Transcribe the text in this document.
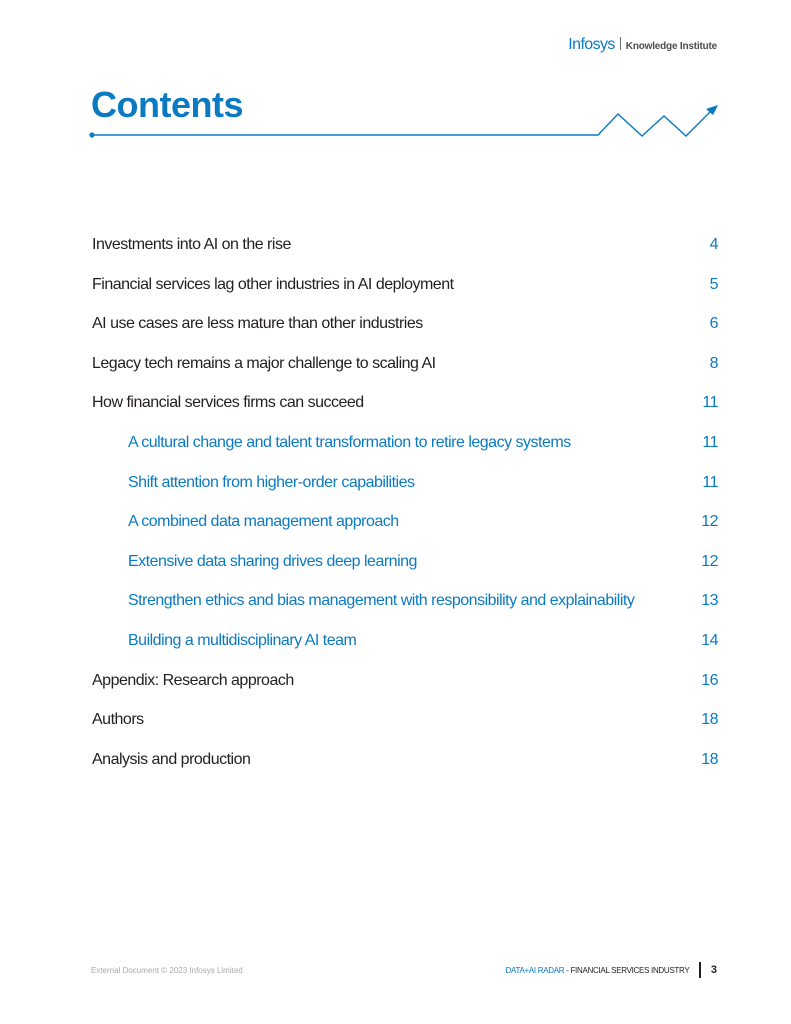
Infosys Knowledge Institute
Contents
Investments into AI on the rise	4
Financial services lag other industries in AI deployment	5
AI use cases are less mature than other industries	6
Legacy tech remains a major challenge to scaling AI	8
How financial services firms can succeed	11
A cultural change and talent transformation to retire legacy systems	11
Shift attention from higher-order capabilities	11
A combined data management approach	12
Extensive data sharing drives deep learning	12
Strengthen ethics and bias management with responsibility and explainability	13
Building a multidisciplinary AI team	14
Appendix: Research approach	16
Authors	18
Analysis and production	18
External Document © 2023 Infosys Limited	DATA+AI RADAR - FINANCIAL SERVICES INDUSTRY 3
